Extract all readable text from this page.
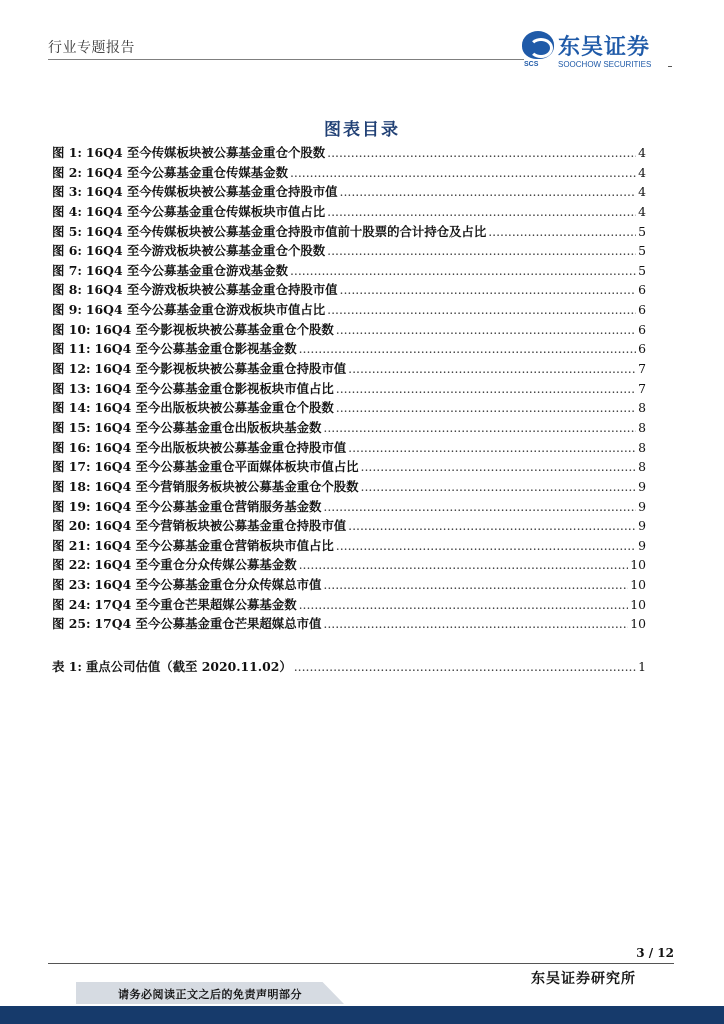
行业专题报告	东吴证券
SCS SOOCHOW SECURITIES
图表目录
图 1: 16Q4 至今传媒板块被公募基金重仓个股数 .....	4
图 2: 16Q4 至今公募基金重仓传媒基金数 .....	4
图 3: 16Q4 至今传媒板块被公募基金重仓持股市值 .....	4
图 4: 16Q4 至今公募基金重仓传媒板块市值占比 .....	4
图 5: 16Q4 至今传媒板块被公募基金重仓持股市值前十股票的合计持仓及占比 .....	5
图 6: 16Q4 至今游戏板块被公募基金重仓个股数 .....	5
图 7: 16Q4 至今公募基金重仓游戏基金数 .....	5
图 8: 16Q4 至今游戏板块被公募基金重仓持股市值 .....	6
图 9: 16Q4 至今公募基金重仓游戏板块市值占比 .....	6
图 10: 16Q4 至今影视板块被公募基金重仓个股数 .....	6
图 11: 16Q4 至今公募基金重仓影视基金数 .....	6
图 12: 16Q4 至今影视板块被公募基金重仓持股市值 .....	7
图 13: 16Q4 至今公募基金重仓影视板块市值占比 .....	7
图 14: 16Q4 至今出版板块被公募基金重仓个股数 .....	8
图 15: 16Q4 至今公募基金重仓出版板块基金数 .....	8
图 16: 16Q4 至今出版板块被公募基金重仓持股市值 .....	8
图 17: 16Q4 至今公募基金重仓平面媒体板块市值占比 .....	8
图 18: 16Q4 至今营销服务板块被公募基金重仓个股数 .....	9
图 19: 16Q4 至今公募基金重仓营销服务基金数 .....	9
图 20: 16Q4 至今营销板块被公募基金重仓持股市值 .....	9
图 21: 16Q4 至今公募基金重仓营销板块市值占比 .....	9
图 22: 16Q4 至今重仓分众传媒公募基金数 .....	10
图 23: 16Q4 至今公募基金重仓分众传媒总市值 .....	10
图 24: 17Q4 至今重仓芒果超媒公募基金数 .....	10
图 25: 17Q4 至今公募基金重仓芒果超媒总市值 .....	10
表 1: 重点公司估值（截至 2020.11.02） .....	1
3 / 12
东吴证券研究所
请务必阅读正文之后的免责声明部分
